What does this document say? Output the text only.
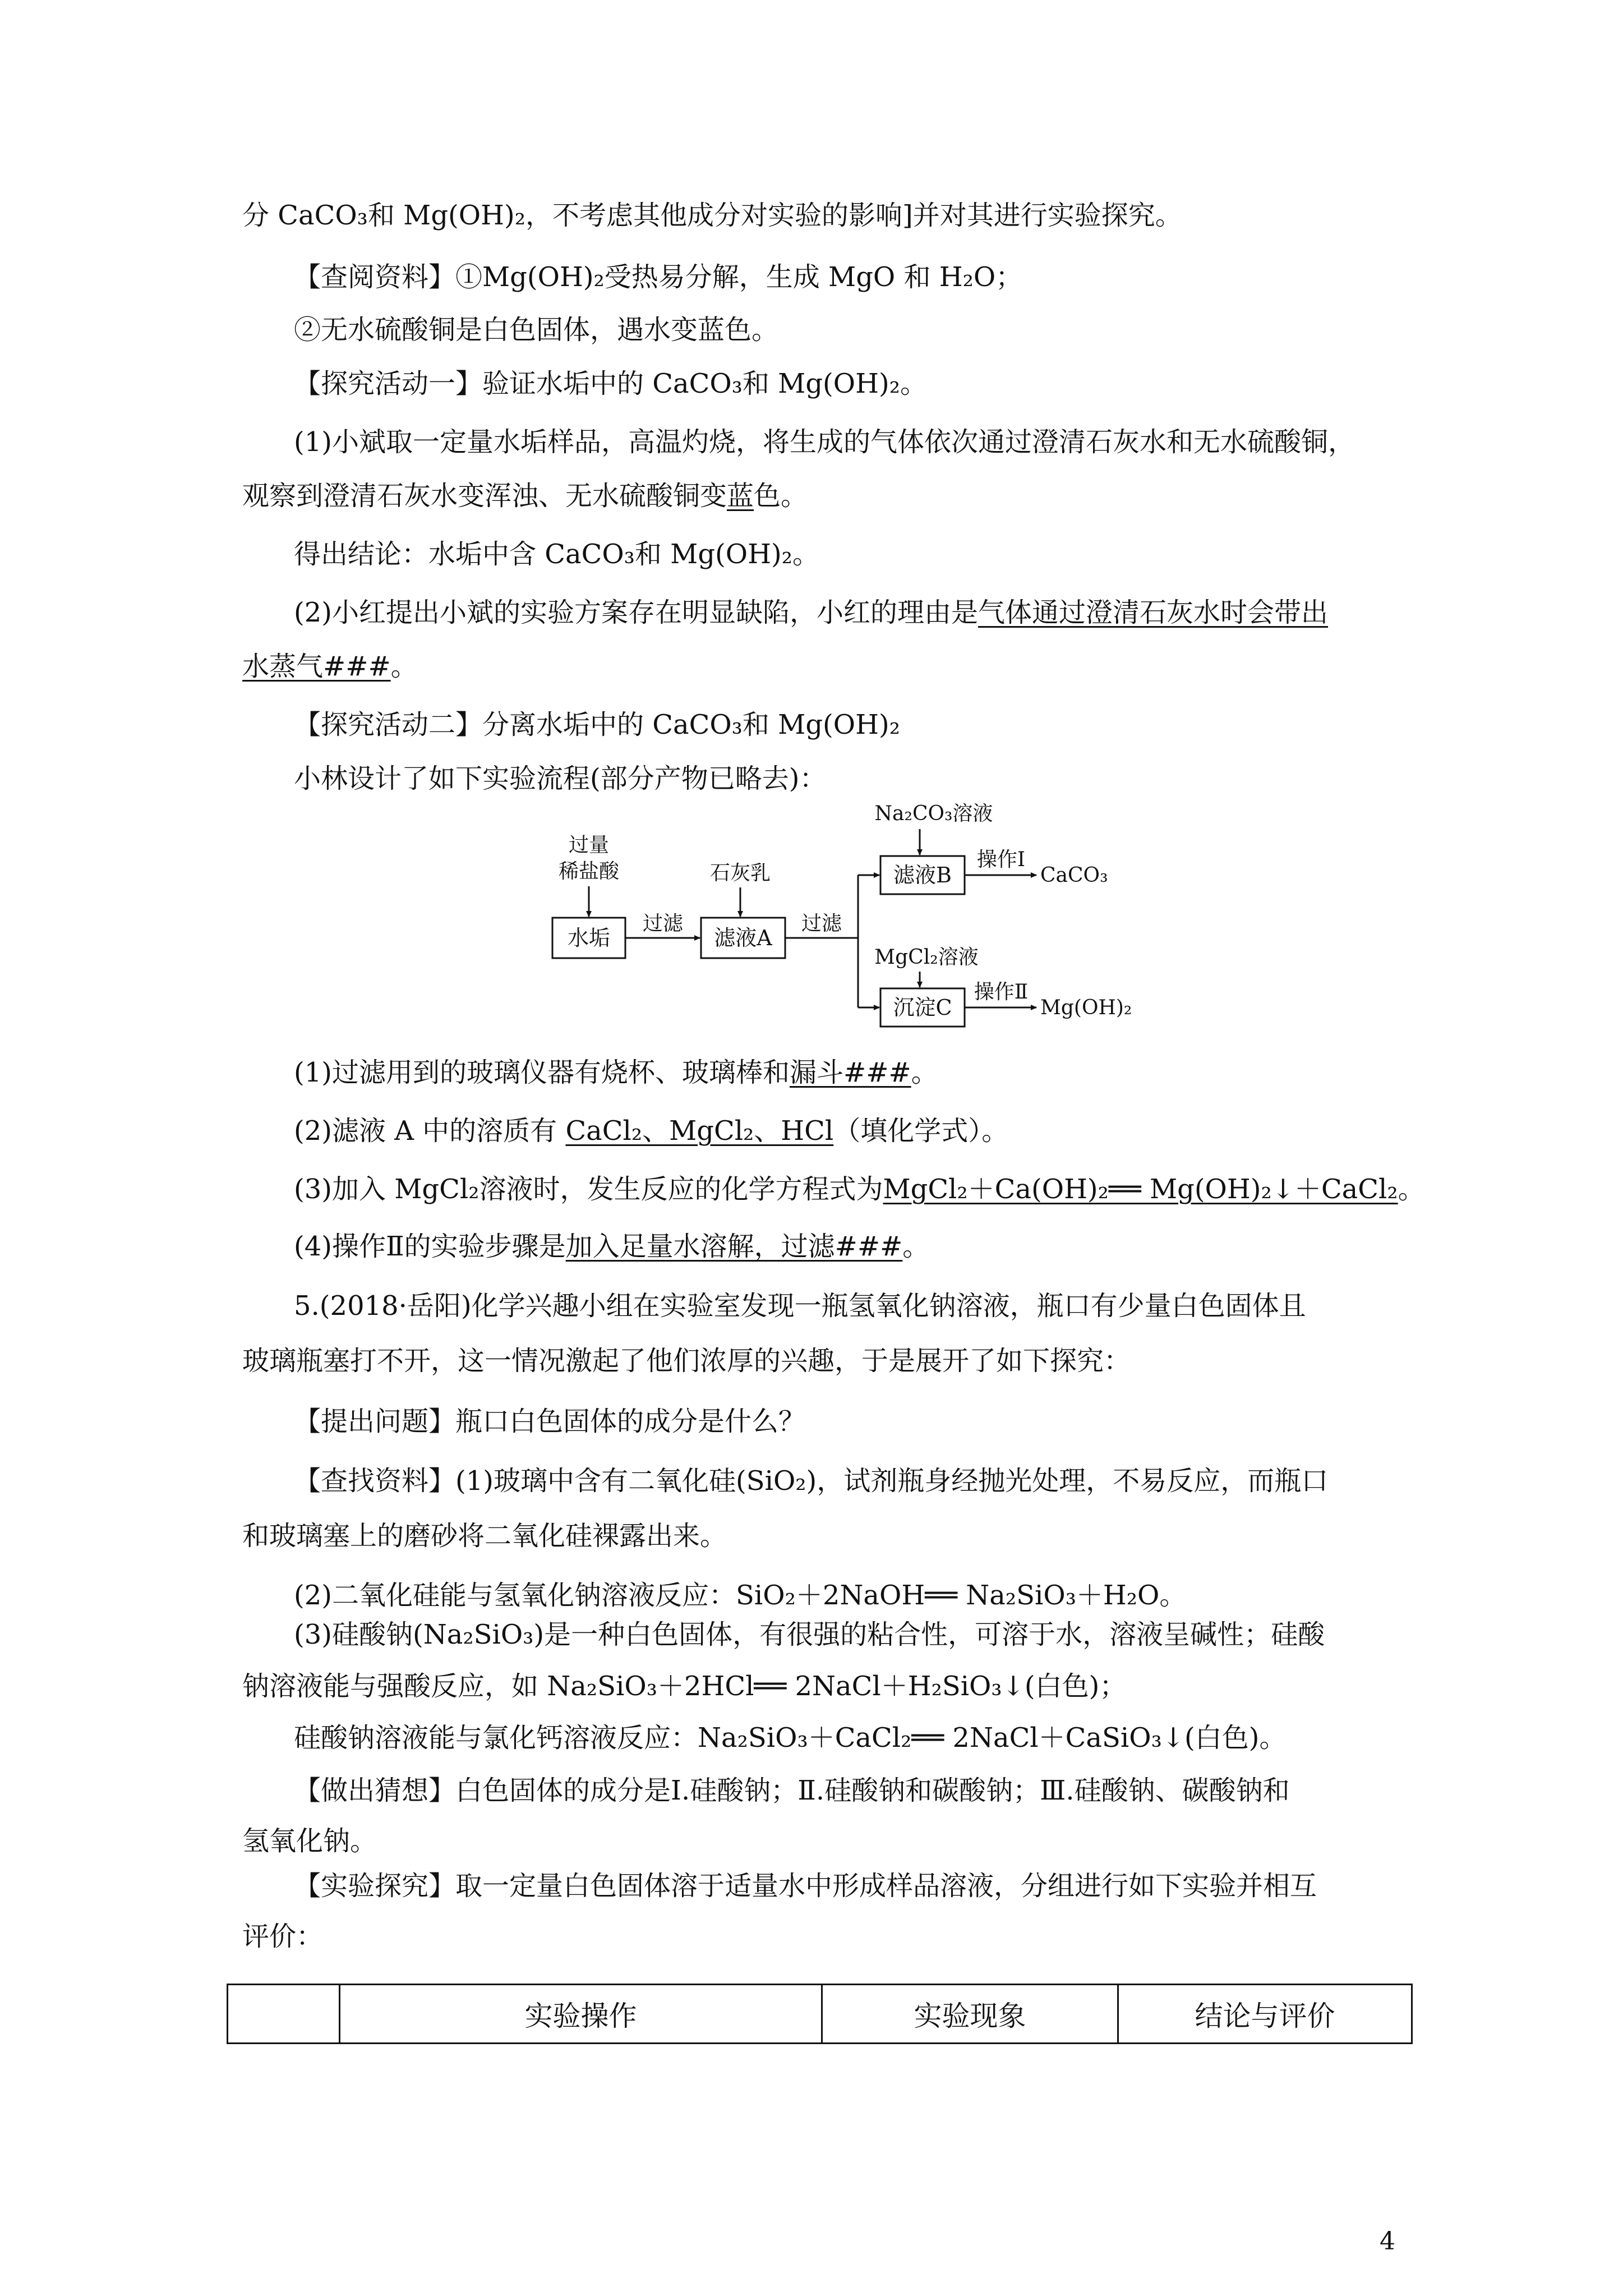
分 CaCO₃和 Mg(OH)₂，不考虑其他成分对实验的影响]并对其进行实验探究。
【查阅资料】①Mg(OH)₂受热易分解，生成 MgO 和 H₂O；
②无水硫酸铜是白色固体，遇水变蓝色。
【探究活动一】验证水垢中的 CaCO₃和 Mg(OH)₂。
(1)小斌取一定量水垢样品，高温灼烧，将生成的气体依次通过澄清石灰水和无水硫酸铜，
观察到澄清石灰水变浑浊、无水硫酸铜变蓝色。
得出结论：水垢中含 CaCO₃和 Mg(OH)₂。
(2)小红提出小斌的实验方案存在明显缺陷，小红的理由是气体通过澄清石灰水时会带出
水蒸气###。
【探究活动二】分离水垢中的 CaCO₃和 Mg(OH)₂
小林设计了如下实验流程(部分产物已略去)：
过量
稀盐酸	石灰乳
Na₂CO₃溶液
MgCl₂溶液
水垢	滤液A
滤液B
沉淀C
过滤	过滤
操作Ⅰ
CaCO₃
操作Ⅱ
Mg(OH)₂
(1)过滤用到的玻璃仪器有烧杯、玻璃棒和漏斗###。
(2)滤液 A 中的溶质有 CaCl₂、MgCl₂、HCl（填化学式）。
(3)加入 MgCl₂溶液时，发生反应的化学方程式为MgCl₂＋Ca(OH)₂══ Mg(OH)₂↓＋CaCl₂。
(4)操作Ⅱ的实验步骤是加入足量水溶解，过滤###。
5.(2018·岳阳)化学兴趣小组在实验室发现一瓶氢氧化钠溶液，瓶口有少量白色固体且
玻璃瓶塞打不开，这一情况激起了他们浓厚的兴趣，于是展开了如下探究：
【提出问题】瓶口白色固体的成分是什么？
【查找资料】(1)玻璃中含有二氧化硅(SiO₂)，试剂瓶身经抛光处理，不易反应，而瓶口
和玻璃塞上的磨砂将二氧化硅裸露出来。
(2)二氧化硅能与氢氧化钠溶液反应：SiO₂＋2NaOH══ Na₂SiO₃＋H₂O。
(3)硅酸钠(Na₂SiO₃)是一种白色固体，有很强的粘合性，可溶于水，溶液呈碱性；硅酸
钠溶液能与强酸反应，如 Na₂SiO₃＋2HCl══ 2NaCl＋H₂SiO₃↓(白色)；
硅酸钠溶液能与氯化钙溶液反应：Na₂SiO₃＋CaCl₂══ 2NaCl＋CaSiO₃↓(白色)。
【做出猜想】白色固体的成分是Ⅰ.硅酸钠；Ⅱ.硅酸钠和碳酸钠；Ⅲ.硅酸钠、碳酸钠和
氢氧化钠。
【实验探究】取一定量白色固体溶于适量水中形成样品溶液，分组进行如下实验并相互
	实验操作	实验现象	结论与评价
4
评价：
